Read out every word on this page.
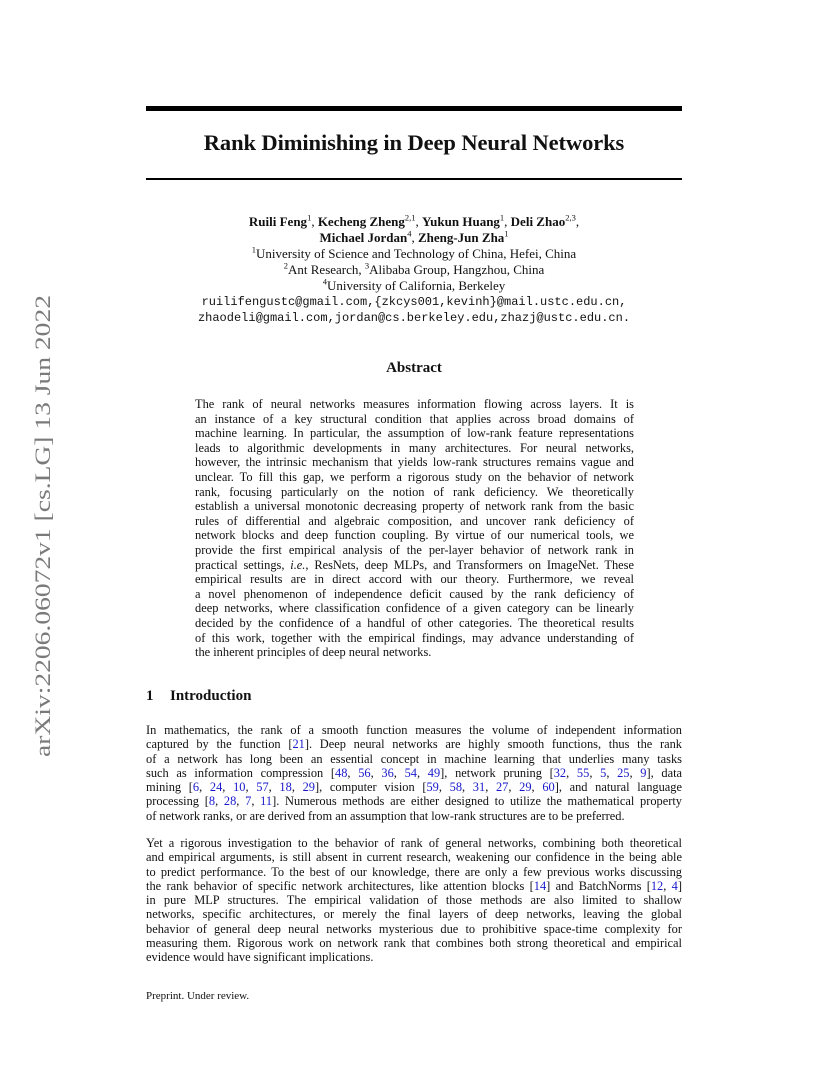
Rank Diminishing in Deep Neural Networks
arXiv:2206.06072v1 [cs.LG] 13 Jun 2022
Ruili Feng$^1$, Kecheng Zheng$^{2,1}$, Yukun Huang$^1$, Deli Zhao$^{2,3}$,
Michael Jordan$^4$, Zheng-Jun Zha$^1$
$^1$University of Science and Technology of China, Hefei, China
$^2$Ant Research, $^3$Alibaba Group, Hangzhou, China
$^4$University of California, Berkeley
ruilifengustc@gmail.com,{zkcys001,kevinh}@mail.ustc.edu.cn,
zhaodeli@gmail.com,jordan@cs.berkeley.edu,zhazj@ustc.edu.cn.
Abstract
The rank of neural networks measures information flowing across layers. It is
an instance of a key structural condition that applies across broad domains of
machine learning. In particular, the assumption of low-rank feature representations
leads to algorithmic developments in many architectures. For neural networks,
however, the intrinsic mechanism that yields low-rank structures remains vague and
unclear. To fill this gap, we perform a rigorous study on the behavior of network
rank, focusing particularly on the notion of rank deficiency. We theoretically
establish a universal monotonic decreasing property of network rank from the basic
rules of differential and algebraic composition, and uncover rank deficiency of
network blocks and deep function coupling. By virtue of our numerical tools, we
provide the first empirical analysis of the per-layer behavior of network rank in
practical settings, i.e., ResNets, deep MLPs, and Transformers on ImageNet. These
empirical results are in direct accord with our theory. Furthermore, we reveal
a novel phenomenon of independence deficit caused by the rank deficiency of
deep networks, where classification confidence of a given category can be linearly
decided by the confidence of a handful of other categories. The theoretical results
of this work, together with the empirical findings, may advance understanding of
the inherent principles of deep neural networks.
1 Introduction
In mathematics, the rank of a smooth function measures the volume of independent information
captured by the function [21]. Deep neural networks are highly smooth functions, thus the rank
of a network has long been an essential concept in machine learning that underlies many tasks
such as information compression [48, 56, 36, 54, 49], network pruning [32, 55, 5, 25, 9], data
mining [6, 24, 10, 57, 18, 29], computer vision [59, 58, 31, 27, 29, 60], and natural language
processing [8, 28, 7, 11]. Numerous methods are either designed to utilize the mathematical property
of network ranks, or are derived from an assumption that low-rank structures are to be preferred.
Yet a rigorous investigation to the behavior of rank of general networks, combining both theoretical
and empirical arguments, is still absent in current research, weakening our confidence in the being able
to predict performance. To the best of our knowledge, there are only a few previous works discussing
the rank behavior of specific network architectures, like attention blocks [14] and BatchNorms [12, 4]
in pure MLP structures. The empirical validation of those methods are also limited to shallow
networks, specific architectures, or merely the final layers of deep networks, leaving the global
behavior of general deep neural networks mysterious due to prohibitive space-time complexity for
measuring them. Rigorous work on network rank that combines both strong theoretical and empirical
evidence would have significant implications.
Preprint. Under review.
